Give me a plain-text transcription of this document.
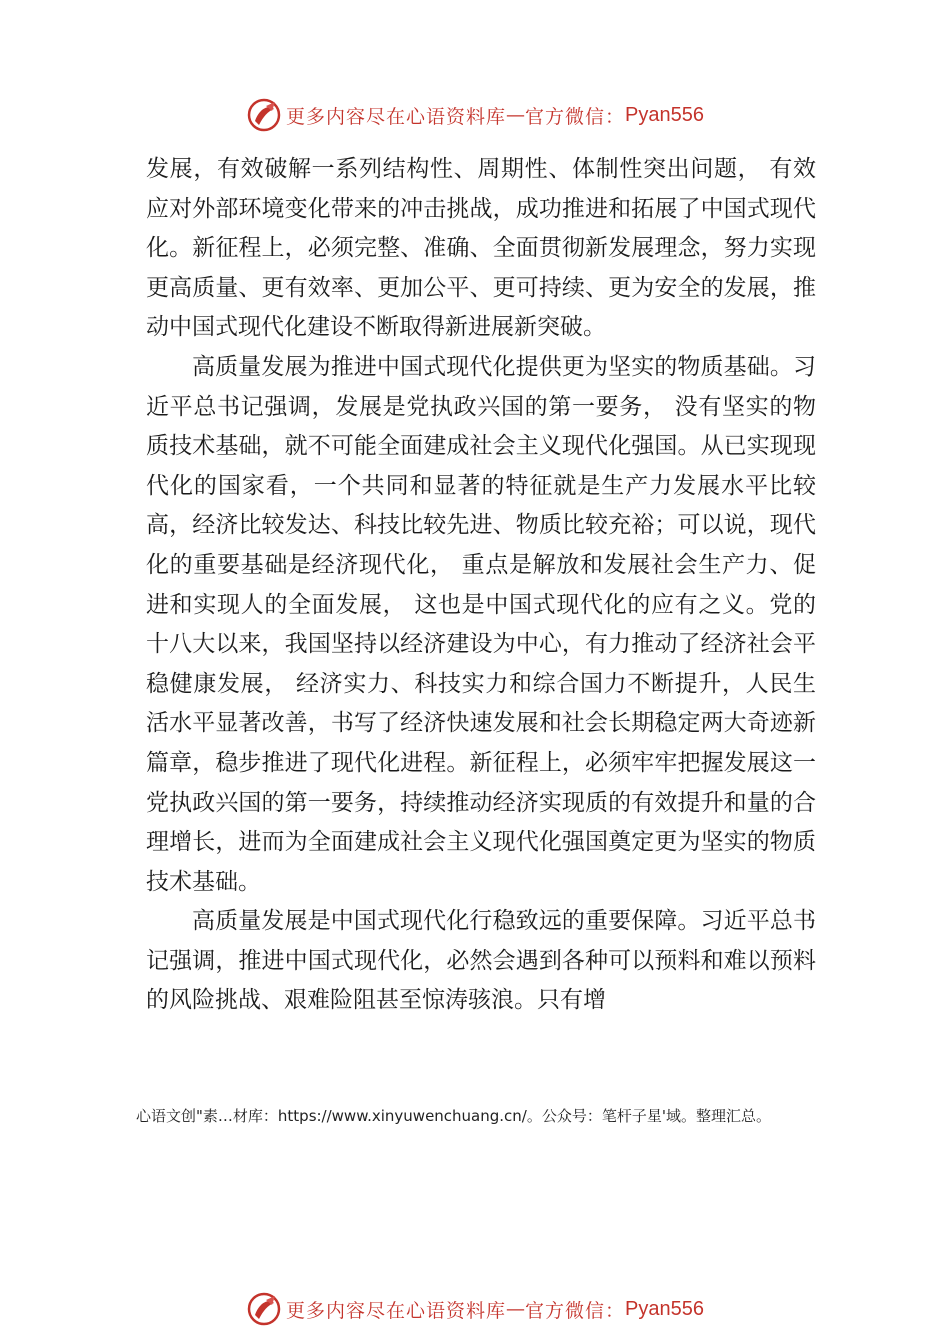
更多内容尽在心语资料库 — 官方微信： Pyan556

发展，有效破解一系列结构性、周期性、体制性突出问题， 有效应对外部环境变化带来的冲击挑战，成功推进和拓展了中国式现代化。新征程上，必须完整、准确、全面贯彻新发展理念，努力实现更高质量、更有效率、更加公平、更可持续、更为安全的发展，推动中国式现代化建设不断取得新进展新突破。

高质量发展为推进中国式现代化提供更为坚实的物质基础。习近平总书记强调，发展是党执政兴国的第一要务， 没有坚实的物质技术基础，就不可能全面建成社会主义现代化强国。从已实现现代化的国家看，一个共同和显著的特征就是生产力发展水平比较高，经济比较发达、科技比较先进、物质比较充裕；可以说，现代化的重要基础是经济现代化， 重点是解放和发展社会生产力、促进和实现人的全面发展， 这也是中国式现代化的应有之义。党的十八大以来，我国坚持以经济建设为中心，有力推动了经济社会平稳健康发展， 经济实力、科技实力和综合国力不断提升，人民生活水平显著改善，书写了经济快速发展和社会长期稳定两大奇迹新篇章，稳步推进了现代化进程。新征程上，必须牢牢把握发展这一党执政兴国的第一要务，持续推动经济实现质的有效提升和量的合理增长，进而为全面建成社会主义现代化强国奠定更为坚实的物质技术基础。

高质量发展是中国式现代化行稳致远的重要保障。习近平总书记强调，推进中国式现代化，必然会遇到各种可以预料和难以预料的风险挑战、艰难险阻甚至惊涛骇浪。只有增

心语文创"素…材库：https://www.xinyuwenchuang.cn/。公众号：笔杆子星'域。整理汇总。
更多内容尽在心语资料库 — 官方微信： Pyan556
